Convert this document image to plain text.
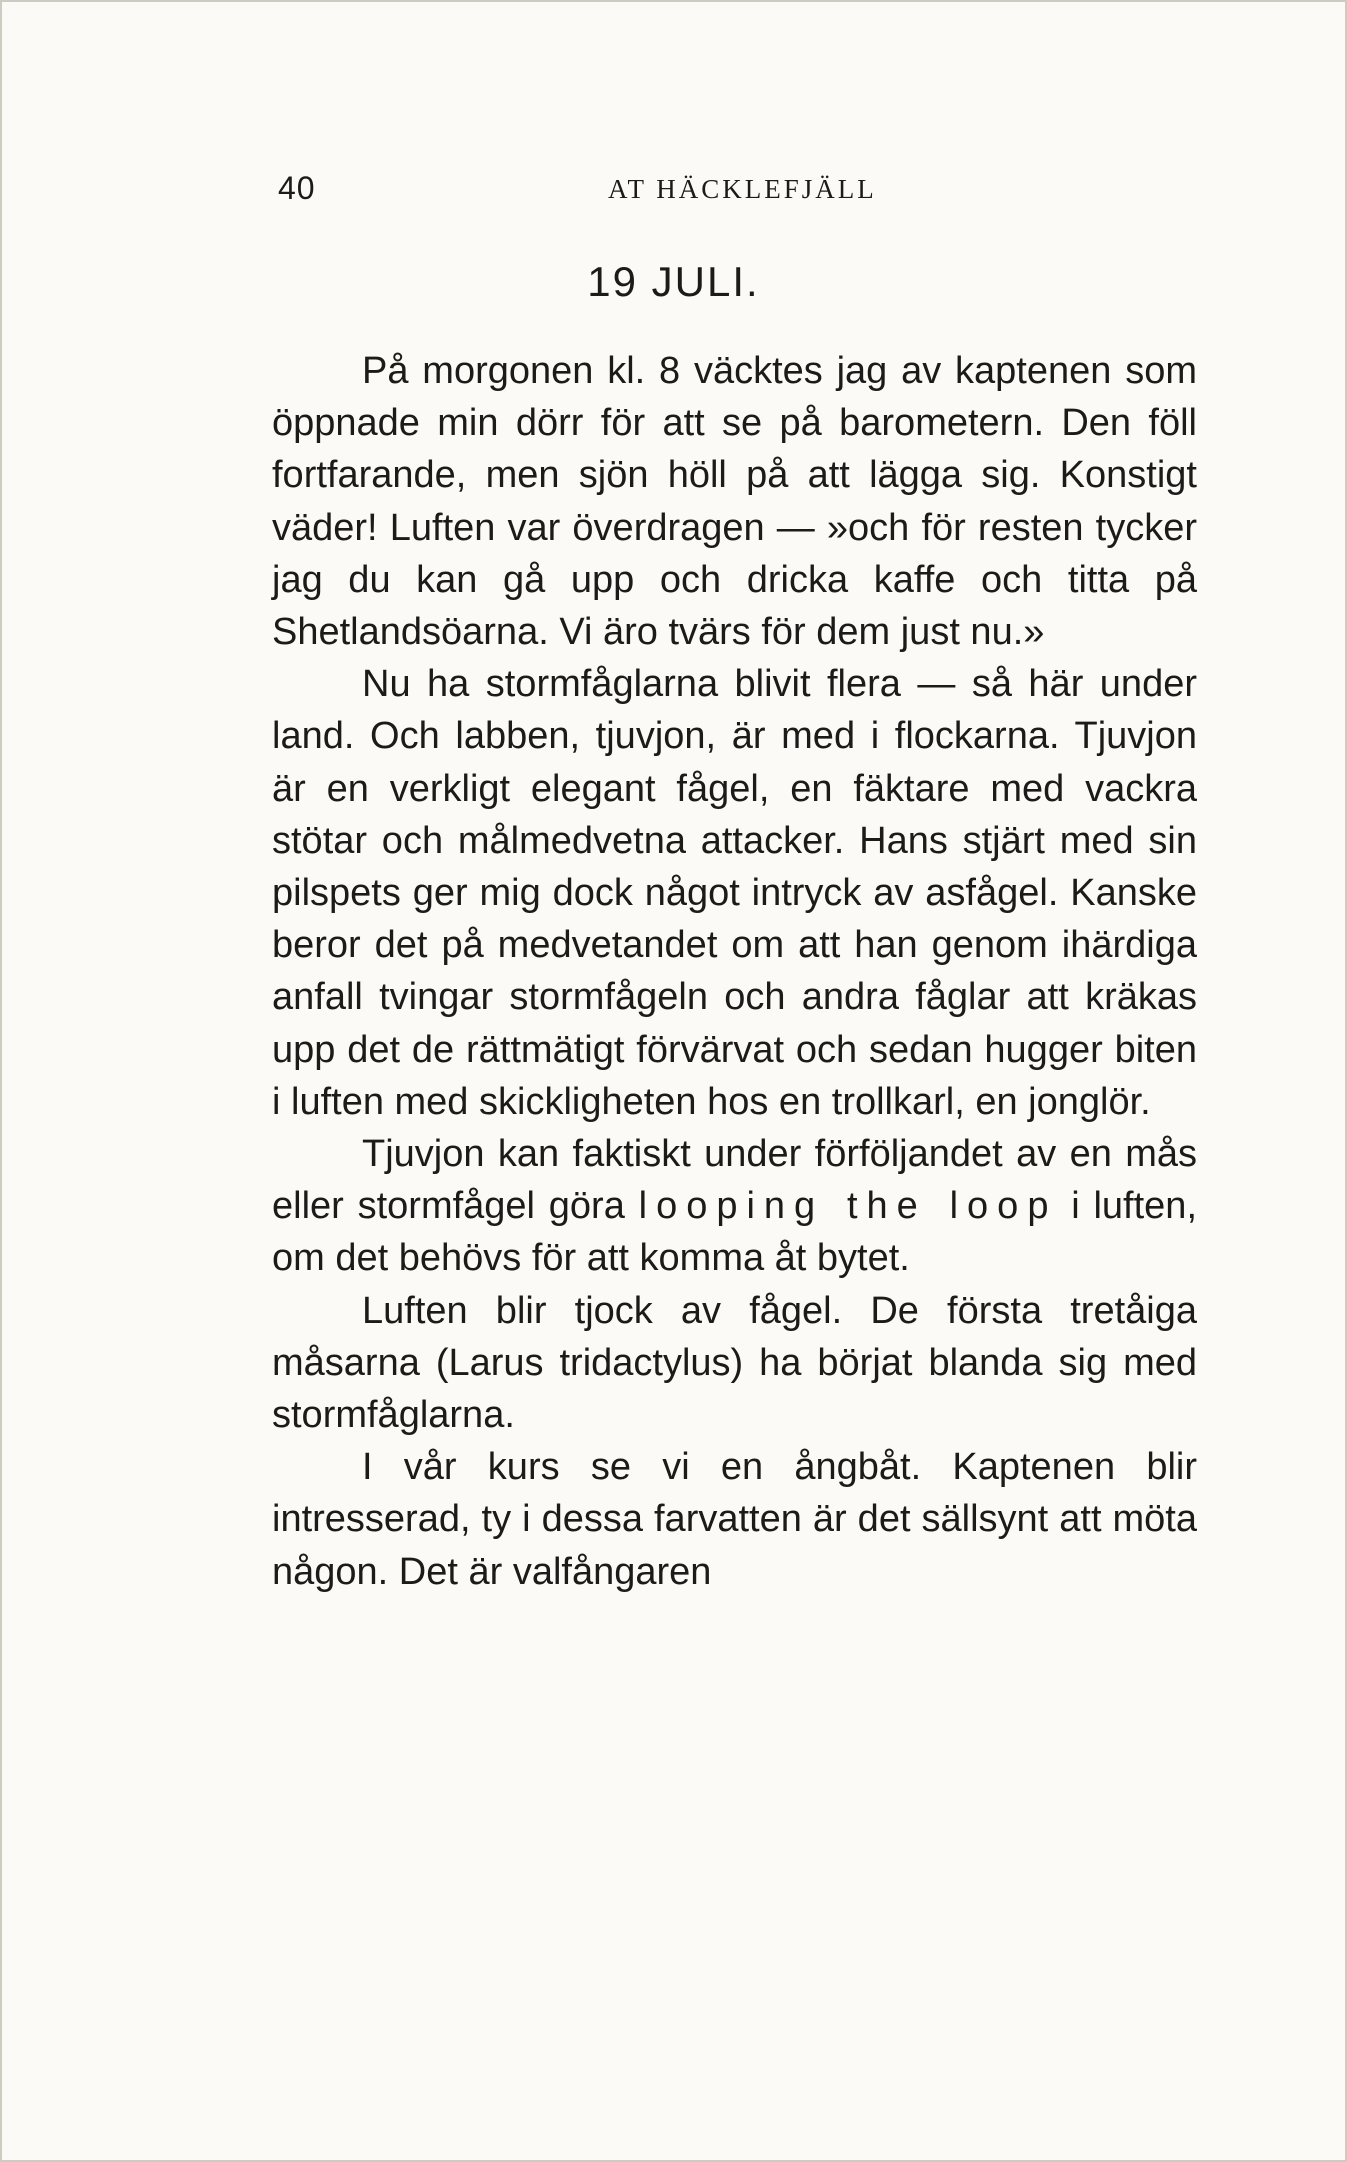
40	AT HÄCKLEFJÄLL
19 JULI.

På morgonen kl. 8 väcktes jag av kaptenen som öppnade min dörr för att se på barometern. Den föll fortfarande, men sjön höll på att lägga sig. Konstigt väder! Luften var överdragen — »och för resten tycker jag du kan gå upp och dricka kaffe och titta på Shetlandsöarna. Vi äro tvärs för dem just nu.»

Nu ha stormfåglarna blivit flera — så här under land. Och labben, tjuvjon, är med i flockarna. Tjuvjon är en verkligt elegant fågel, en fäktare med vackra stötar och målmedvetna attacker. Hans stjärt med sin pilspets ger mig dock något intryck av asfågel. Kanske beror det på medvetandet om att han genom ihärdiga anfall tvingar stormfågeln och andra fåglar att kräkas upp det de rättmätigt förvärvat och sedan hugger biten i luften med skickligheten hos en trollkarl, en jonglör.

Tjuvjon kan faktiskt under förföljandet av en mås eller stormfågel göra looping the loop i luften, om det behövs för att komma åt bytet.

Luften blir tjock av fågel. De första tretåiga måsarna (Larus tridactylus) ha börjat blanda sig med stormfåglarna.

I vår kurs se vi en ångbåt. Kaptenen blir intresserad, ty i dessa farvatten är det sällsynt att möta någon. Det är valfångaren
